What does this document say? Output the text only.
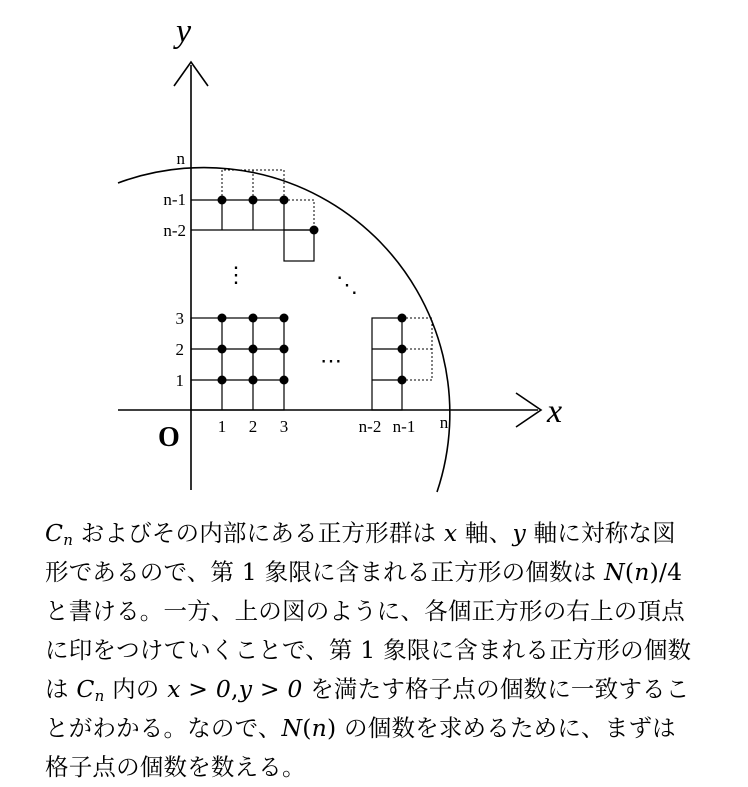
y
x
O
n
n-1
n-2
3
2
1
1 2 3	n-2 n-1 n
⋮
⋯
⋱

$C_n$ およびその内部にある正方形群は x 軸、y 軸に対称な図

形であるので、第 1 象限に含まれる正方形の個数は N(n)/4

と書ける。一方、上の図のように、各個正方形の右上の頂点

に印をつけていくことで、第 1 象限に含まれる正方形の個数

は $C_n$ 内の x > 0,y > 0 を満たす格子点の個数に一致するこ

とがわかる。なので、N(n) の個数を求めるために、まずは

格子点の個数を数える。
